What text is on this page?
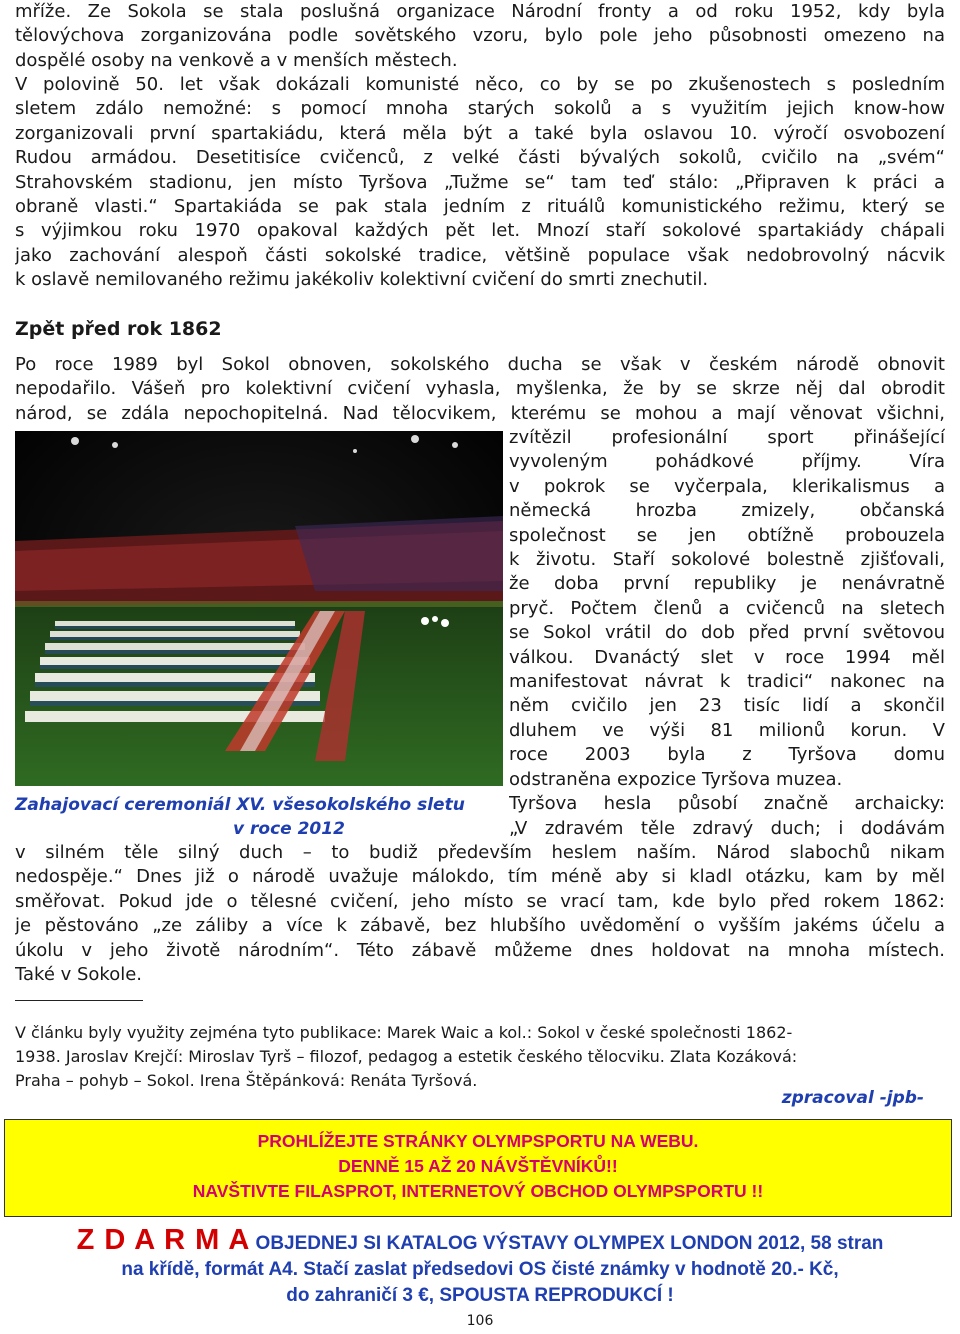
mříže. Ze Sokola se stala poslušná organizace Národní fronty a od roku 1952, kdy byla
tělovýchova zorganizována podle sovětského vzoru, bylo pole jeho působnosti omezeno na
dospělé osoby na venkově a v menších městech.
V polovině 50. let však dokázali komunisté něco, co by se po zkušenostech s posledním
sletem zdálo nemožné: s pomocí mnoha starých sokolů a s využitím jejich know-how
zorganizovali první spartakiádu, která měla být a také byla oslavou 10. výročí osvobození
Rudou armádou. Desetitisíce cvičenců, z velké části bývalých sokolů, cvičilo na „svém“
Strahovském stadionu, jen místo Tyršova „Tužme se“ tam teď stálo: „Připraven k práci a
obraně vlasti.“ Spartakiáda se pak stala jedním z rituálů komunistického režimu, který se
s výjimkou roku 1970 opakoval každých pět let. Mnozí staří sokolové spartakiády chápali
jako zachování alespoň části sokolské tradice, většině populace však nedobrovolný nácvik
k oslavě nemilovaného režimu jakékoliv kolektivní cvičení do smrti znechutil.
Zpět před rok 1862
Po roce 1989 byl Sokol obnoven, sokolského ducha se však v českém národě obnovit
nepodařilo. Vášeň pro kolektivní cvičení vyhasla, myšlenka, že by se skrze něj dal obrodit
národ, se zdála nepochopitelná. Nad tělocvikem, kterému se mohou a mají věnovat všichni,
zvítězil profesionální sport přinášející
vyvoleným pohádkové příjmy. Víra
v pokrok se vyčerpala, klerikalismus a
německá hrozba zmizely, občanská
společnost se jen obtížně probouzela
k životu. Staří sokolové bolestně zjišťovali,
že doba první republiky je nenávratně
pryč. Počtem členů a cvičenců na sletech
se Sokol vrátil do dob před první světovou
válkou. Dvanáctý slet v roce 1994 měl
manifestovat návrat k tradici“ nakonec na
něm cvičilo jen 23 tisíc lidí a skončil
dluhem ve výši 81 milionů korun. V
roce 2003 byla z Tyršova domu
odstraněna expozice Tyršova muzea.
Tyršova hesla působí značně archaicky:
„V zdravém těle zdravý duch; i dodávám
Zahajovací ceremoniál XV. všesokolského sletu
v roce 2012
v silném těle silný duch – to budiž především heslem naším. Národ slabochů nikam
nedospěje.“ Dnes již o národě uvažuje málokdo, tím méně aby si kladl otázku, kam by měl
směřovat. Pokud jde o tělesné cvičení, jeho místo se vrací tam, kde bylo před rokem 1862:
je pěstováno „ze záliby a více k zábavě, bez hlubšího uvědomění o vyšším jakéms účelu a
úkolu v jeho životě národním“. Této zábavě můžeme dnes holdovat na mnoha místech.
Také v Sokole.
V článku byly využity zejména tyto publikace: Marek Waic a kol.: Sokol v české společnosti 1862-
1938. Jaroslav Krejčí: Miroslav Tyrš – filozof, pedagog a estetik českého tělocviku. Zlata Kozáková:
Praha – pohyb – Sokol. Irena Štěpánková: Renáta Tyršová.
zpracoval -jpb-
PROHLÍŽEJTE STRÁNKY OLYMPSPORTU NA WEBU.
DENNĚ 15 AŽ 20 NÁVŠTĚVNÍKŮ!!
NAVŠTIVTE FILASPROT, INTERNETOVÝ OBCHOD OLYMPSPORTU !!
Z D A R M A OBJEDNEJ SI KATALOG VÝSTAVY OLYMPEX LONDON 2012, 58 stran
na křídě, formát A4. Stačí zaslat předsedovi OS čisté známky v hodnotě 20.- Kč,
do zahraničí 3 €, SPOUSTA REPRODUKCÍ !
106
